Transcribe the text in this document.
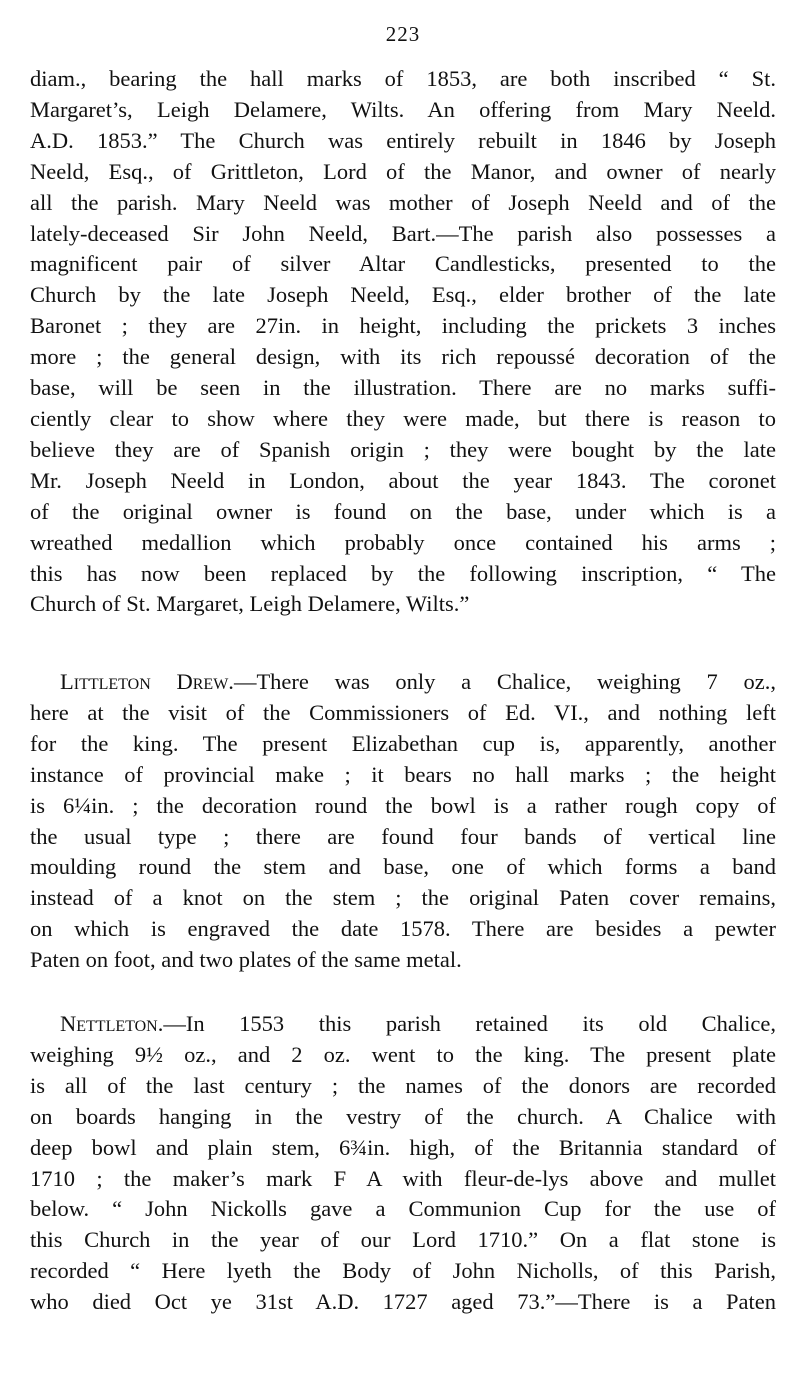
223
diam., bearing the hall marks of 1853, are both inscribed “ St.
Margaret’s, Leigh Delamere, Wilts. An offering from Mary Neeld.
A.D. 1853.” The Church was entirely rebuilt in 1846 by Joseph
Neeld, Esq., of Grittleton, Lord of the Manor, and owner of nearly
all the parish. Mary Neeld was mother of Joseph Neeld and of the
lately-deceased Sir John Neeld, Bart.—The parish also possesses a
magnificent pair of silver Altar Candlesticks, presented to the
Church by the late Joseph Neeld, Esq., elder brother of the late
Baronet ; they are 27in. in height, including the prickets 3 inches
more ; the general design, with its rich repoussé decoration of the
base, will be seen in the illustration. There are no marks suffi-
ciently clear to show where they were made, but there is reason to
believe they are of Spanish origin ; they were bought by the late
Mr. Joseph Neeld in London, about the year 1843. The coronet
of the original owner is found on the base, under which is a
wreathed medallion which probably once contained his arms ;
this has now been replaced by the following inscription, “ The
Church of St. Margaret, Leigh Delamere, Wilts.”
Littleton Drew.—There was only a Chalice, weighing 7 oz.,
here at the visit of the Commissioners of Ed. VI., and nothing left
for the king. The present Elizabethan cup is, apparently, another
instance of provincial make ; it bears no hall marks ; the height
is 6¼in. ; the decoration round the bowl is a rather rough copy of
the usual type ; there are found four bands of vertical line
moulding round the stem and base, one of which forms a band
instead of a knot on the stem ; the original Paten cover remains,
on which is engraved the date 1578. There are besides a pewter
Paten on foot, and two plates of the same metal.
Nettleton.—In 1553 this parish retained its old Chalice,
weighing 9½ oz., and 2 oz. went to the king. The present plate
is all of the last century ; the names of the donors are recorded
on boards hanging in the vestry of the church. A Chalice with
deep bowl and plain stem, 6¾in. high, of the Britannia standard of
1710 ; the maker’s mark F A with fleur-de-lys above and mullet
below. “ John Nickolls gave a Communion Cup for the use of
this Church in the year of our Lord 1710.” On a flat stone is
recorded “ Here lyeth the Body of John Nicholls, of this Parish,
who died Oct ye 31st A.D. 1727 aged 73.”—There is a Paten
